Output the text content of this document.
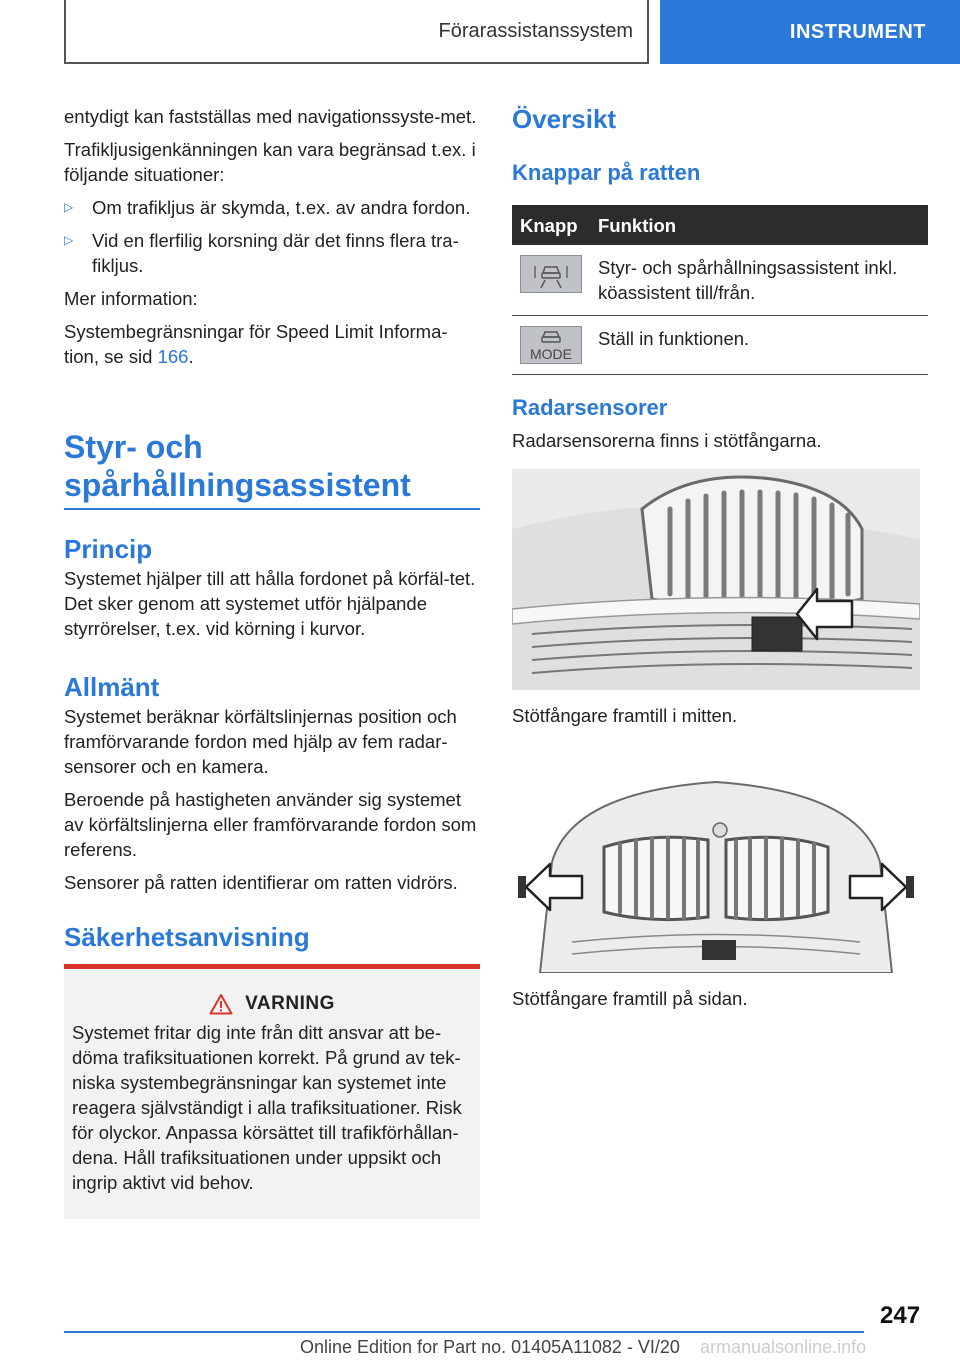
Förarassistanssystem	INSTRUMENT

entydigt kan fastställas med navigationssyste-met.

Trafikljusigenkänningen kan vara begränsad t.ex. i följande situationer:

▷	Om trafikljus är skymda, t.ex. av andra fordon.
▷	Vid en flerfilig korsning där det finns flera tra-fikljus.

Mer information:

Systembegränsningar för Speed Limit Informa-tion, se sid 166.

Styr- och spårhållningsassistent
Princip

Systemet hjälper till att hålla fordonet på körfäl-tet. Det sker genom att systemet utför hjälpande styrrörelser, t.ex. vid körning i kurvor.

Allmänt

Systemet beräknar körfältslinjernas position och framförvarande fordon med hjälp av fem radar-sensorer och en kamera.

Beroende på hastigheten använder sig systemet av körfältslinjerna eller framförvarande fordon som referens.

Sensorer på ratten identifierar om ratten vidrörs.

Säkerhetsanvisning
VARNING
Systemet fritar dig inte från ditt ansvar att be-döma trafiksituationen korrekt. På grund av tek-niska systembegränsningar kan systemet inte reagera självständigt i alla trafiksituationer. Risk för olyckor. Anpassa körsättet till trafikförhållan-dena. Håll trafiksituationen under uppsikt och ingrip aktivt vid behov.
Översikt
Knappar på ratten
Knapp	Funktion

	Styr- och spårhållningsassistent inkl. köassistent till/från.

MODE	Ställ in funktionen.
Radarsensorer
Radarsensorerna finns i stötfångarna.
Stötfångare framtill i mitten.
Stötfångare framtill på sidan.
247
Online Edition for Part no. 01405A11082 - VI/20 armanualsonline.info
